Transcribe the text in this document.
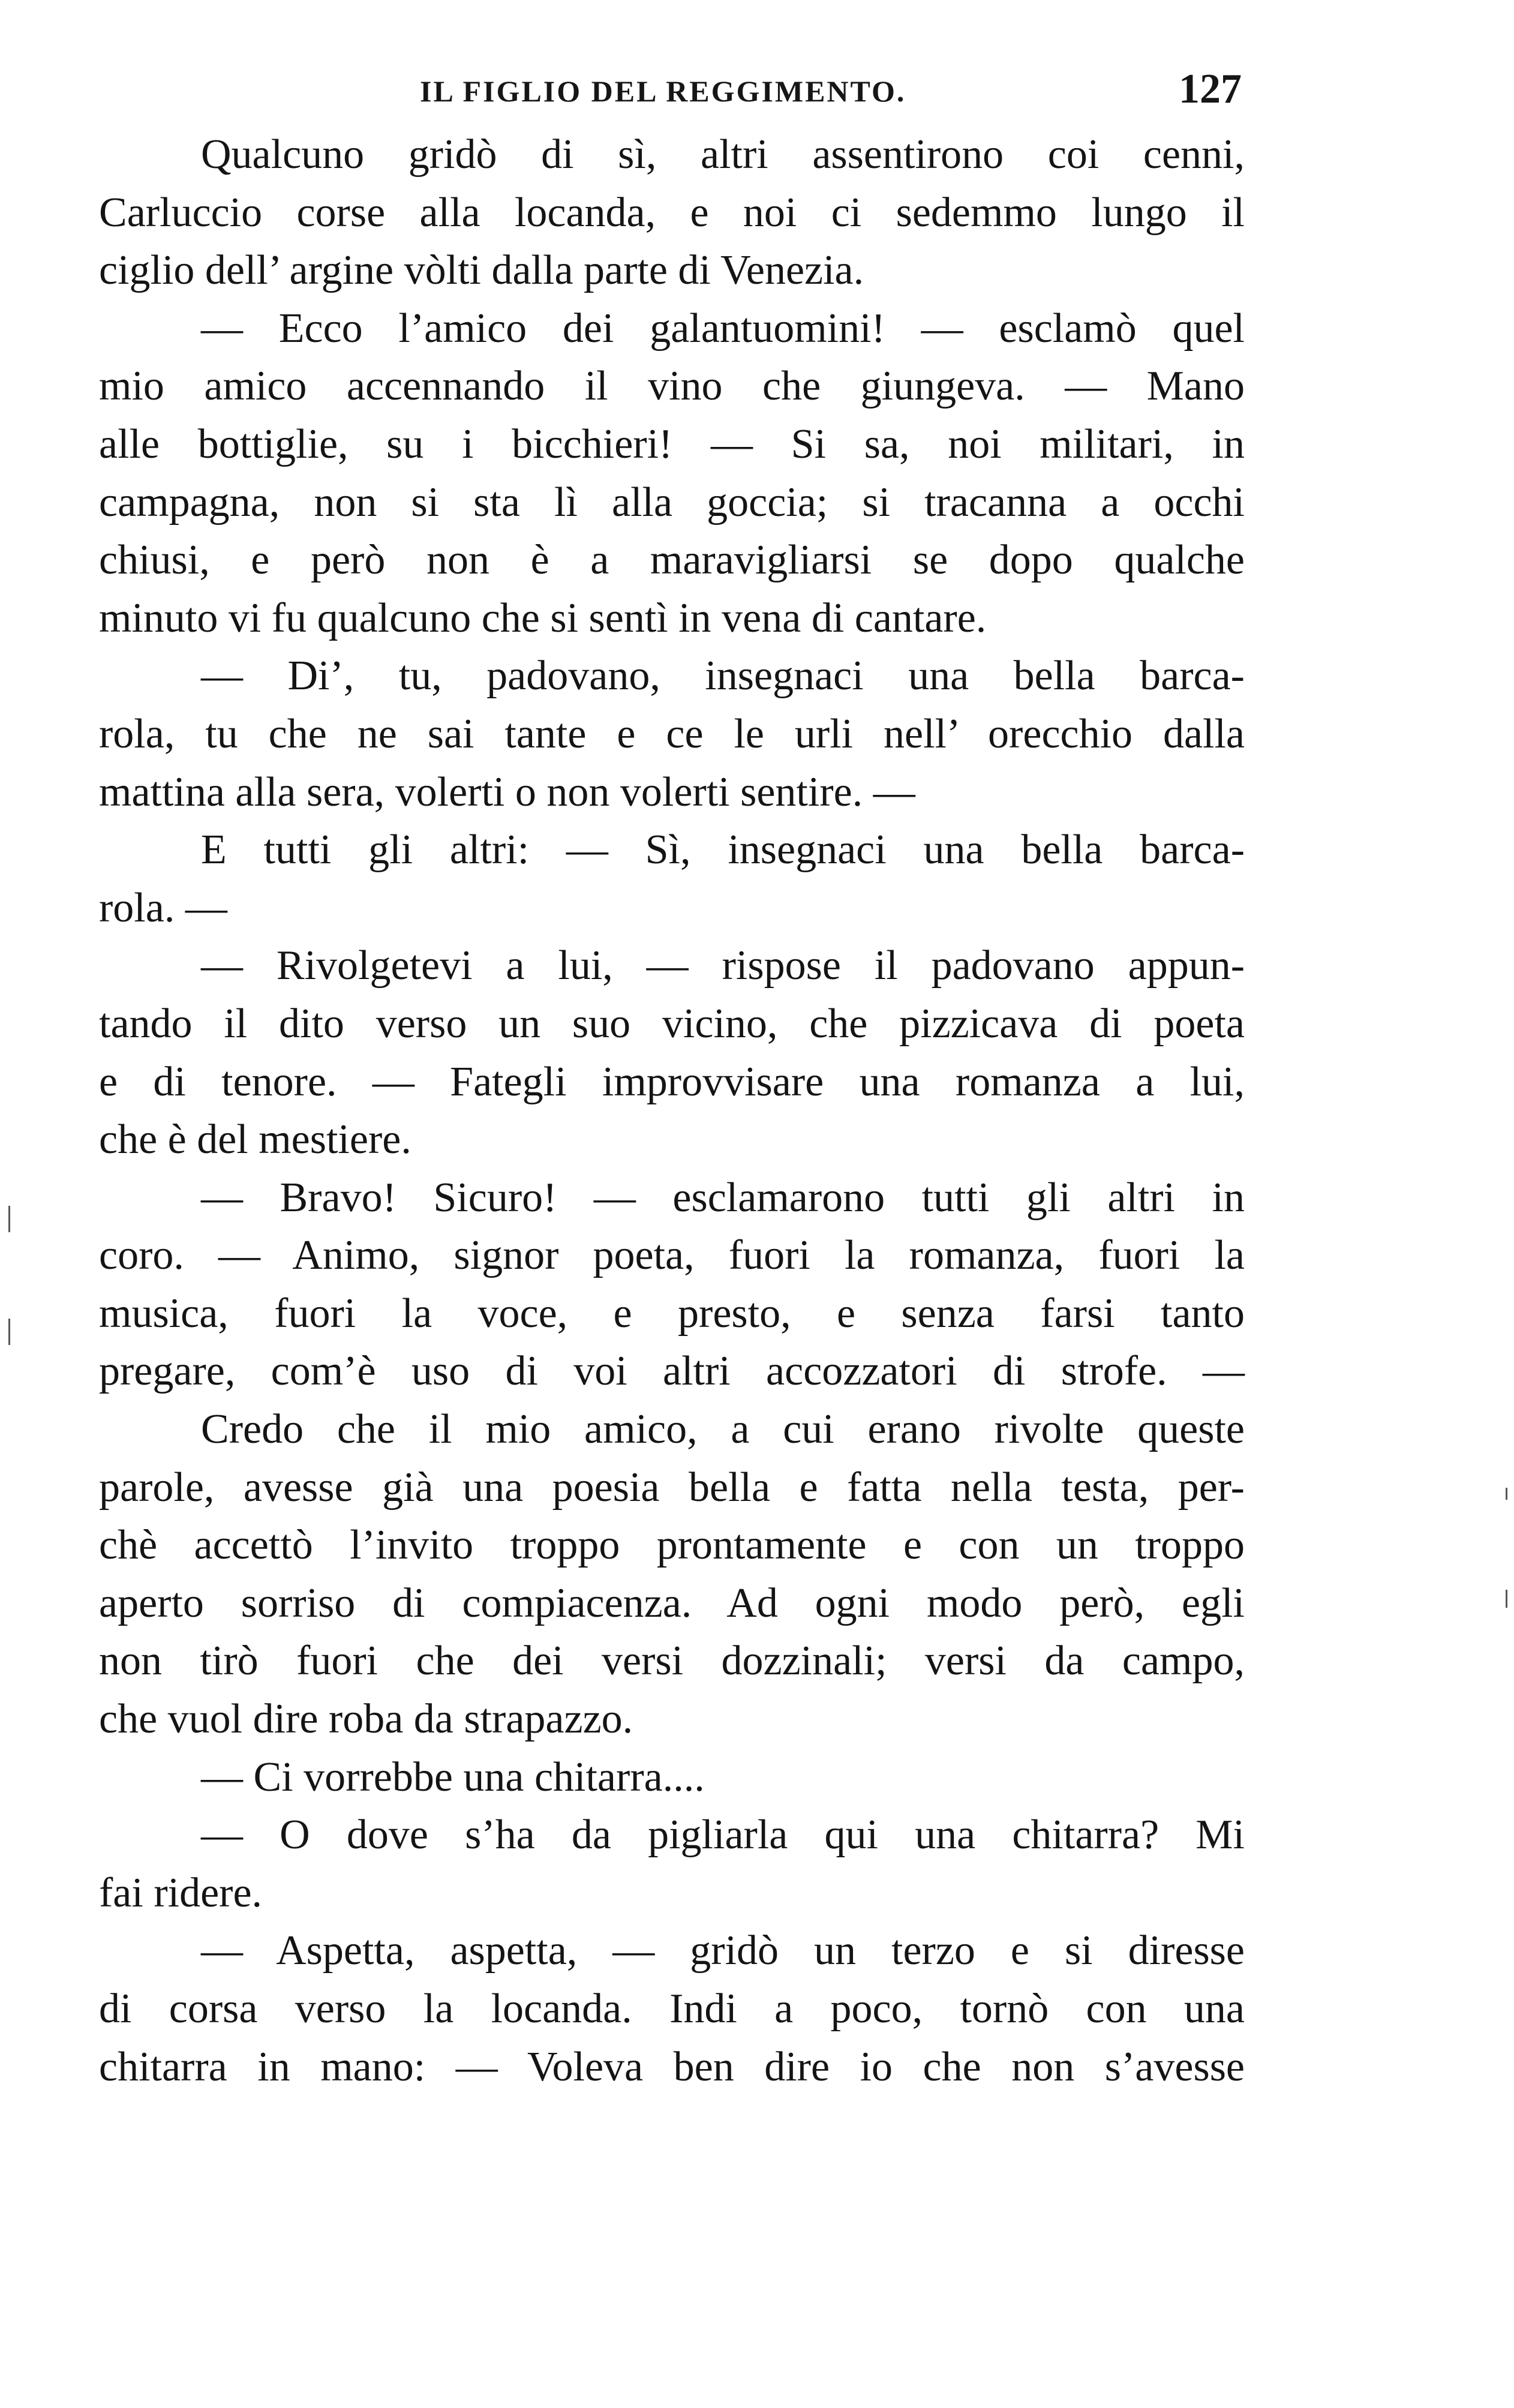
IL FIGLIO DEL REGGIMENTO.	127
Qualcuno gridò di sì, altri assentirono coi cenni,
Carluccio corse alla locanda, e noi ci sedemmo lungo il
ciglio dell’ argine vòlti dalla parte di Venezia.
— Ecco l’amico dei galantuomini! — esclamò quel
mio amico accennando il vino che giungeva. — Mano
alle bottiglie, su i bicchieri! — Si sa, noi militari, in
campagna, non si sta lì alla goccia; si tracanna a occhi
chiusi, e però non è a maravigliarsi se dopo qualche
minuto vi fu qualcuno che si sentì in vena di cantare.
— Di’, tu, padovano, insegnaci una bella barca-
rola, tu che ne sai tante e ce le urli nell’ orecchio dalla
mattina alla sera, volerti o non volerti sentire. —
E tutti gli altri: — Sì, insegnaci una bella barca-
rola. —
— Rivolgetevi a lui, — rispose il padovano appun-
tando il dito verso un suo vicino, che pizzicava di poeta
e di tenore. — Fategli improvvisare una romanza a lui,
che è del mestiere.
— Bravo! Sicuro! — esclamarono tutti gli altri in
coro. — Animo, signor poeta, fuori la romanza, fuori la
musica, fuori la voce, e presto, e senza farsi tanto
pregare, com’è uso di voi altri accozzatori di strofe. —
Credo che il mio amico, a cui erano rivolte queste
parole, avesse già una poesia bella e fatta nella testa, per-
chè accettò l’invito troppo prontamente e con un troppo
aperto sorriso di compiacenza. Ad ogni modo però, egli
non tirò fuori che dei versi dozzinali; versi da campo,
che vuol dire roba da strapazzo.
— Ci vorrebbe una chitarra....
— O dove s’ha da pigliarla qui una chitarra? Mi
fai ridere.
— Aspetta, aspetta, — gridò un terzo e si diresse
di corsa verso la locanda. Indi a poco, tornò con una
chitarra in mano: — Voleva ben dire io che non s’avesse
